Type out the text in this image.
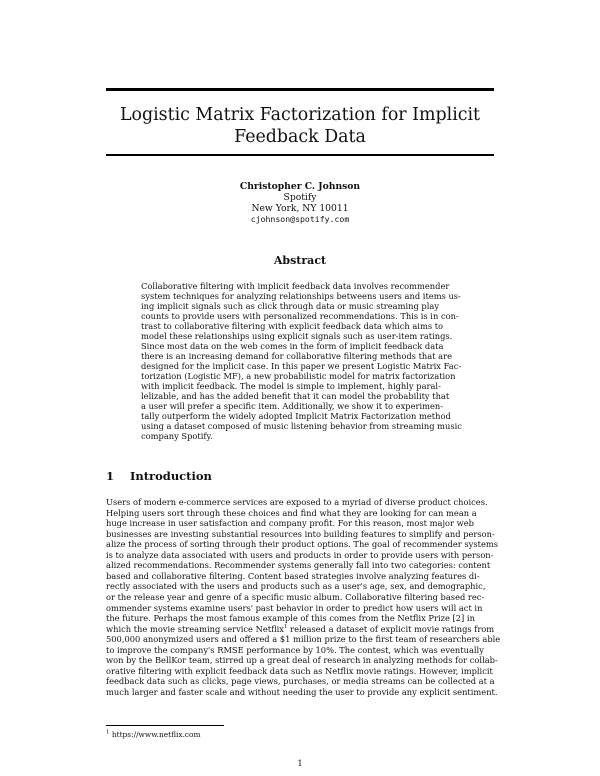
Logistic Matrix Factorization for Implicit
Feedback Data
Christopher C. Johnson
Spotify
New York, NY 10011
cjohnson@spotify.com
Abstract
Collaborative filtering with implicit feedback data involves recommender
system techniques for analyzing relationships betweens users and items us-
ing implicit signals such as click through data or music streaming play
counts to provide users with personalized recommendations. This is in con-
trast to collaborative filtering with explicit feedback data which aims to
model these relationships using explicit signals such as user-item ratings.
Since most data on the web comes in the form of implicit feedback data
there is an increasing demand for collaborative filtering methods that are
designed for the implicit case. In this paper we present Logistic Matrix Fac-
torization (Logistic MF), a new probabilistic model for matrix factorization
with implicit feedback. The model is simple to implement, highly paral-
lelizable, and has the added benefit that it can model the probability that
a user will prefer a specific item. Additionally, we show it to experimen-
tally outperform the widely adopted Implicit Matrix Factorization method
using a dataset composed of music listening behavior from streaming music
company Spotify.
1 Introduction
Users of modern e-commerce services are exposed to a myriad of diverse product choices.
Helping users sort through these choices and find what they are looking for can mean a
huge increase in user satisfaction and company profit. For this reason, most major web
businesses are investing substantial resources into building features to simplify and person-
alize the process of sorting through their product options. The goal of recommender systems
is to analyze data associated with users and products in order to provide users with person-
alized recommendations. Recommender systems generally fall into two categories: content
based and collaborative filtering. Content based strategies involve analyzing features di-
rectly associated with the users and products such as a user's age, sex, and demographic,
or the release year and genre of a specific music album. Collaborative filtering based rec-
ommender systems examine users' past behavior in order to predict how users will act in
the future. Perhaps the most famous example of this comes from the Netflix Prize [2] in
which the movie streaming service Netflix$^1$ released a dataset of explicit movie ratings from
500,000 anonymized users and offered a $1 million prize to the first team of researchers able
to improve the company's RMSE performance by 10%. The contest, which was eventually
won by the BellKor team, stirred up a great deal of research in analyzing methods for collab-
orative filtering with explicit feedback data such as Netflix movie ratings. However, implicit
feedback data such as clicks, page views, purchases, or media streams can be collected at a
much larger and faster scale and without needing the user to provide any explicit sentiment.
$^1$ https://www.netflix.com
1
